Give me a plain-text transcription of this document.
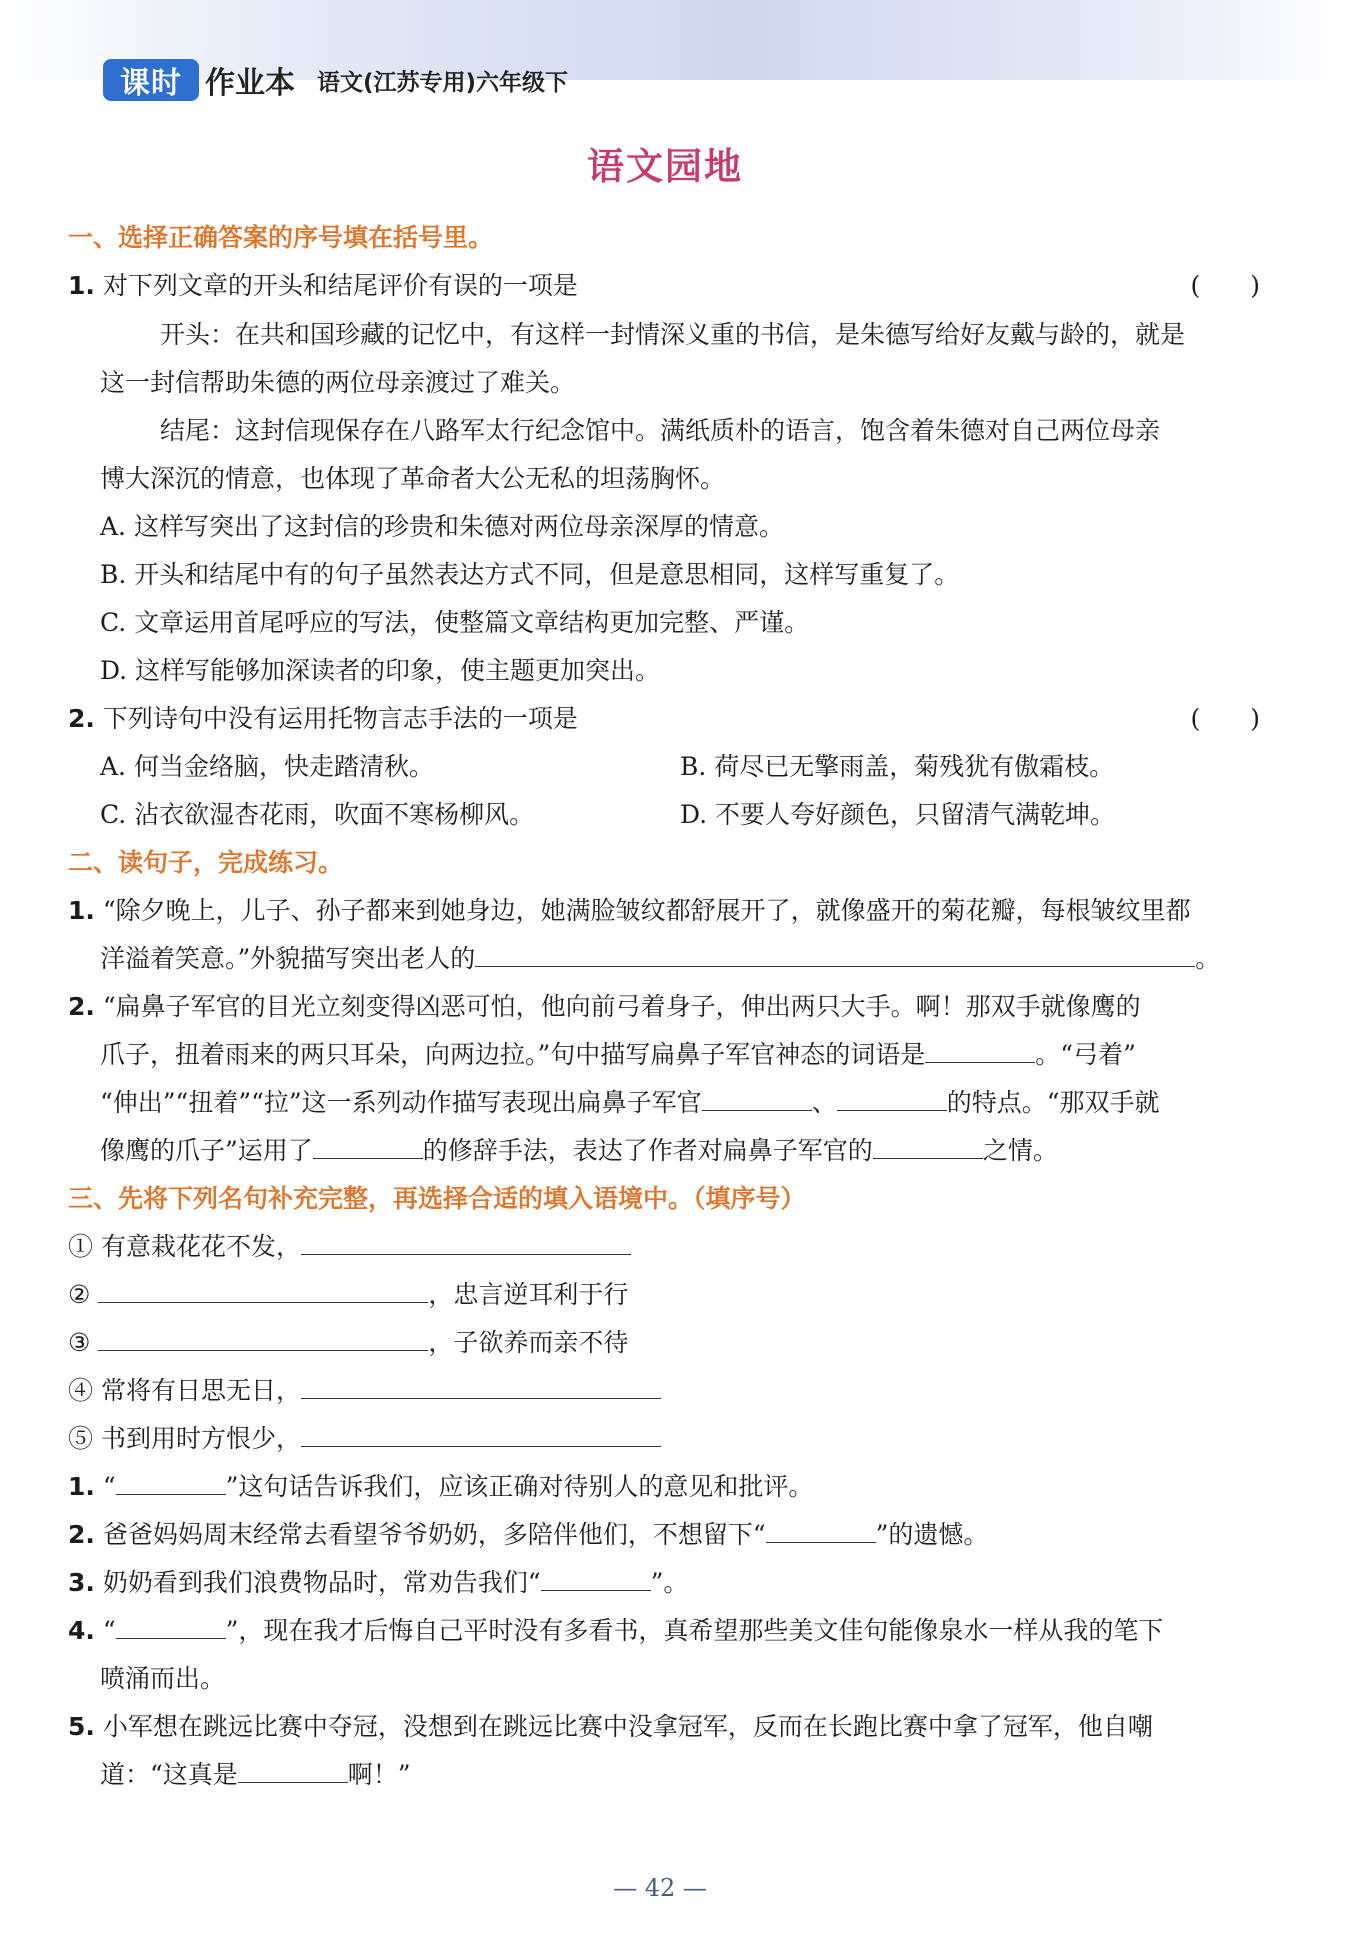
课时 作业本 语文(江苏专用)六年级下
语文园地
一、选择正确答案的序号填在括号里。
1. 对下列文章的开头和结尾评价有误的一项是	(　　)
开头：在共和国珍藏的记忆中，有这样一封情深义重的书信，是朱德写给好友戴与龄的，就是
这一封信帮助朱德的两位母亲渡过了难关。
结尾：这封信现保存在八路军太行纪念馆中。满纸质朴的语言，饱含着朱德对自己两位母亲
博大深沉的情意，也体现了革命者大公无私的坦荡胸怀。
A. 这样写突出了这封信的珍贵和朱德对两位母亲深厚的情意。
B. 开头和结尾中有的句子虽然表达方式不同，但是意思相同，这样写重复了。
C. 文章运用首尾呼应的写法，使整篇文章结构更加完整、严谨。
D. 这样写能够加深读者的印象，使主题更加突出。
2. 下列诗句中没有运用托物言志手法的一项是	(　　)
A. 何当金络脑，快走踏清秋。	B. 荷尽已无擎雨盖，菊残犹有傲霜枝。
C. 沾衣欲湿杏花雨，吹面不寒杨柳风。	D. 不要人夸好颜色，只留清气满乾坤。
二、读句子，完成练习。
1. “除夕晚上，儿子、孙子都来到她身边，她满脸皱纹都舒展开了，就像盛开的菊花瓣，每根皱纹里都
洋溢着笑意。”外貌描写突出老人的	。
2. “扁鼻子军官的目光立刻变得凶恶可怕，他向前弓着身子，伸出两只大手。啊！那双手就像鹰的
爪子，扭着雨来的两只耳朵，向两边拉。”句中描写扁鼻子军官神态的词语是	。“弓着”
“伸出”“扭着”“拉”这一系列动作描写表现出扁鼻子军官	、	的特点。“那双手就
像鹰的爪子”运用了	的修辞手法，表达了作者对扁鼻子军官的	之情。
三、先将下列名句补充完整，再选择合适的填入语境中。（填序号）
① 有意栽花花不发，
②	，忠言逆耳利于行
③	，子欲养而亲不待
④ 常将有日思无日，
⑤ 书到用时方恨少，
1. “	”这句话告诉我们，应该正确对待别人的意见和批评。
2. 爸爸妈妈周末经常去看望爷爷奶奶，多陪伴他们，不想留下“	”的遗憾。
3. 奶奶看到我们浪费物品时，常劝告我们“	”。
4. “	”，现在我才后悔自己平时没有多看书，真希望那些美文佳句能像泉水一样从我的笔下
喷涌而出。
5. 小军想在跳远比赛中夺冠，没想到在跳远比赛中没拿冠军，反而在长跑比赛中拿了冠军，他自嘲
道：“这真是	啊！”
— 42 —
